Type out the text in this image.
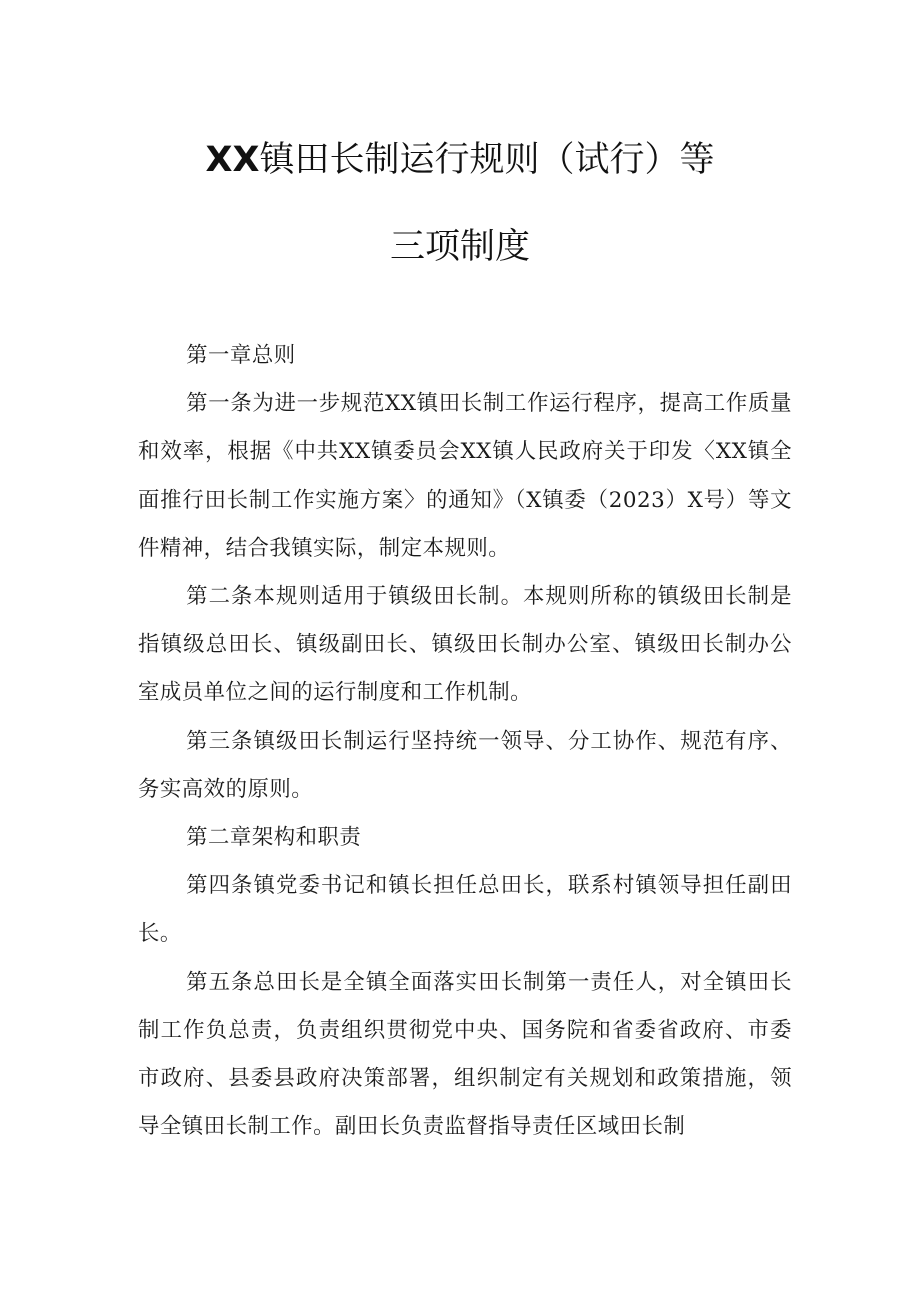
XX镇田长制运行规则（试行）等
三项制度

第一章总则

第一条为进一步规范XX镇田长制工作运行程序，提高工作质量和效率，根据《中共XX镇委员会XX镇人民政府关于印发〈XX镇全面推行田长制工作实施方案〉的通知》（X镇委（2023）X号）等文件精神，结合我镇实际，制定本规则。

第二条本规则适用于镇级田长制。本规则所称的镇级田长制是指镇级总田长、镇级副田长、镇级田长制办公室、镇级田长制办公室成员单位之间的运行制度和工作机制。

第三条镇级田长制运行坚持统一领导、分工协作、规范有序、务实高效的原则。

第二章架构和职责

第四条镇党委书记和镇长担任总田长，联系村镇领导担任副田长。

第五条总田长是全镇全面落实田长制第一责任人，对全镇田长制工作负总责，负责组织贯彻党中央、国务院和省委省政府、市委市政府、县委县政府决策部署，组织制定有关规划和政策措施，领导全镇田长制工作。副田长负责监督指导责任区域田长制
